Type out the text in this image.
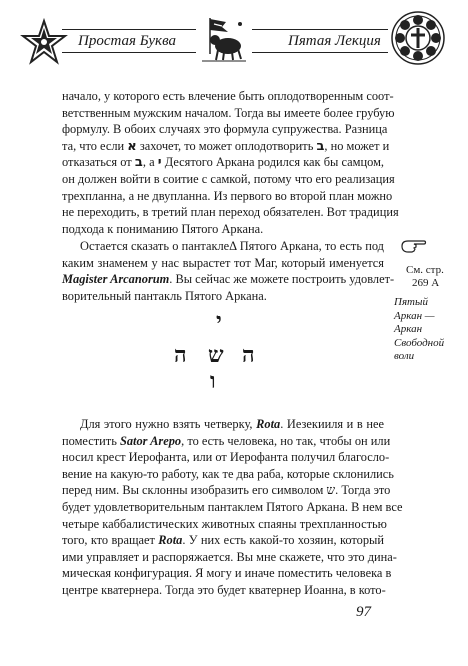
Простая Буква	Пятая Лекция
начало, у которого есть влечение быть оплодотворенным соот-
ветственным мужским началом. Тогда вы имеете более грубую
формулу. В обоих случаях это формула супружества. Разница
та, что если א захочет, то может оплодотворить ב, но может и
отказаться от ב, а י Десятого Аркана родился как бы самцом,
он должен войти в соитие с самкой, потому что его реализация
трехпланна, а не двупланна. Из первого во второй план можно
не переходить, в третий план переход обязателен. Вот традиция
подхода к пониманию Пятого Аркана.
Остается сказать о пантаклеΔ Пятого Аркана, то есть под
каким знаменем у нас вырастет тот Маг, который именуется
Magister Arcanorum. Вы сейчас же можете построить удовлет-
ворительный пантакль Пятого Аркана.
י
ה ש ה
ו
Для этого нужно взять четверку, Rota. Иезекииля и в нее
поместить Sator Arepo, то есть человека, но так, чтобы он или
носил крест Иерофанта, или от Иерофанта получил благосло-
вение на какую-то работу, как те два раба, которые склонились
перед ним. Вы склонны изобразить его символом ש. Тогда это
будет удовлетворительным пантаклем Пятого Аркана. В нем все
четыре каббалистических животных спаяны трехпланностью
того, кто вращает Rota. У них есть какой-то хозяин, который
ими управляет и распоряжается. Вы мне скажете, что это дина-
мическая конфигурация. Я могу и иначе поместить человека в
центре кватернера. Тогда это будет кватернер Иоанна, в кото-
См. стр.
269 А
Пятый
Аркан —
Аркан
Свободной
воли
97
